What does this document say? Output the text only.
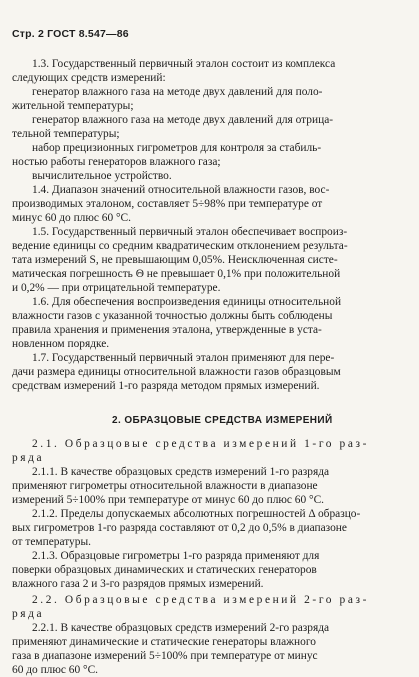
Стр. 2 ГОСТ 8.547—86
1.3. Государственный первичный эталон состоит из комплекса
следующих средств измерений:
генератор влажного газа на методе двух давлений для поло-
жительной температуры;
генератор влажного газа на методе двух давлений для отрица-
тельной температуры;
набор прецизионных гигрометров для контроля за стабиль-
ностью работы генераторов влажного газа;
вычислительное устройство.
1.4. Диапазон значений относительной влажности газов, вос-
производимых эталоном, составляет 5÷98% при температуре от
минус 60 до плюс 60 °С.
1.5. Государственный первичный эталон обеспечивает воспроиз-
ведение единицы со средним квадратическим отклонением результа-
тата измерений S, не превышающим 0,05%. Неисключенная систе-
матическая погрешность Θ не превышает 0,1% при положительной
и 0,2% — при отрицательной температуре.
1.6. Для обеспечения воспроизведения единицы относительной
влажности газов с указанной точностью должны быть соблюдены
правила хранения и применения эталона, утвержденные в уста-
новленном порядке.
1.7. Государственный первичный эталон применяют для пере-
дачи размера единицы относительной влажности газов образцовым
средствам измерений 1-го разряда методом прямых измерений.
2. ОБРАЗЦОВЫЕ СРЕДСТВА ИЗМЕРЕНИЙ
2.1. Образцовые средства измерений 1-го раз-
ряда
2.1.1. В качестве образцовых средств измерений 1-го разряда
применяют гигрометры относительной влажности в диапазоне
измерений 5÷100% при температуре от минус 60 до плюс 60 °С.
2.1.2. Пределы допускаемых абсолютных погрешностей Δ образцо-
вых гигрометров 1-го разряда составляют от 0,2 до 0,5% в диапазоне
от температуры.
2.1.3. Образцовые гигрометры 1-го разряда применяют для
поверки образцовых динамических и статических генераторов
влажного газа 2 и 3-го разрядов прямых измерений.
2.2. Образцовые средства измерений 2-го раз-
ряда
2.2.1. В качестве образцовых средств измерений 2-го разряда
применяют динамические и статические генераторы влажного
газа в диапазоне измерений 5÷100% при температуре от минус
60 до плюс 60 °С.
